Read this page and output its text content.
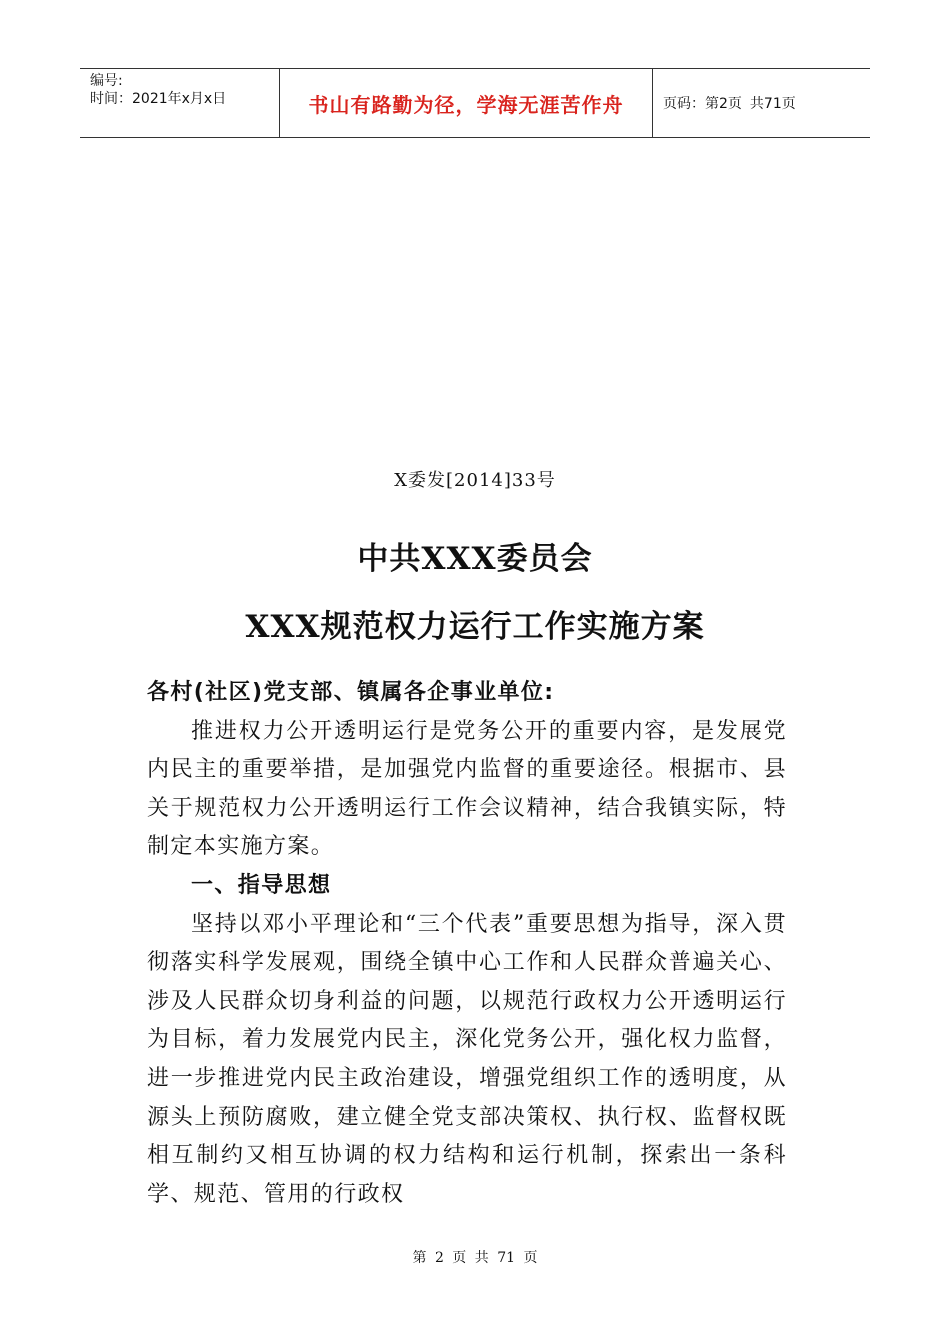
编号:
时间：2021年x月x日	书山有路勤为径，学海无涯苦作舟	页码：第2页 共71页
X委发[2014]33号
中共XXX委员会
XXX规范权力运行工作实施方案

各村(社区)党支部、镇属各企事业单位:

推进权力公开透明运行是党务公开的重要内容，是发展党内民主的重要举措，是加强党内监督的重要途径。根据市、县关于规范权力公开透明运行工作会议精神，结合我镇实际，特制定本实施方案。

一、指导思想

坚持以邓小平理论和“三个代表”重要思想为指导，深入贯彻落实科学发展观，围绕全镇中心工作和人民群众普遍关心、涉及人民群众切身利益的问题，以规范行政权力公开透明运行为目标，着力发展党内民主，深化党务公开，强化权力监督，进一步推进党内民主政治建设，增强党组织工作的透明度，从源头上预防腐败，建立健全党支部决策权、执行权、监督权既相互制约又相互协调的权力结构和运行机制，探索出一条科学、规范、管用的行政权

第 2 页 共 71 页
